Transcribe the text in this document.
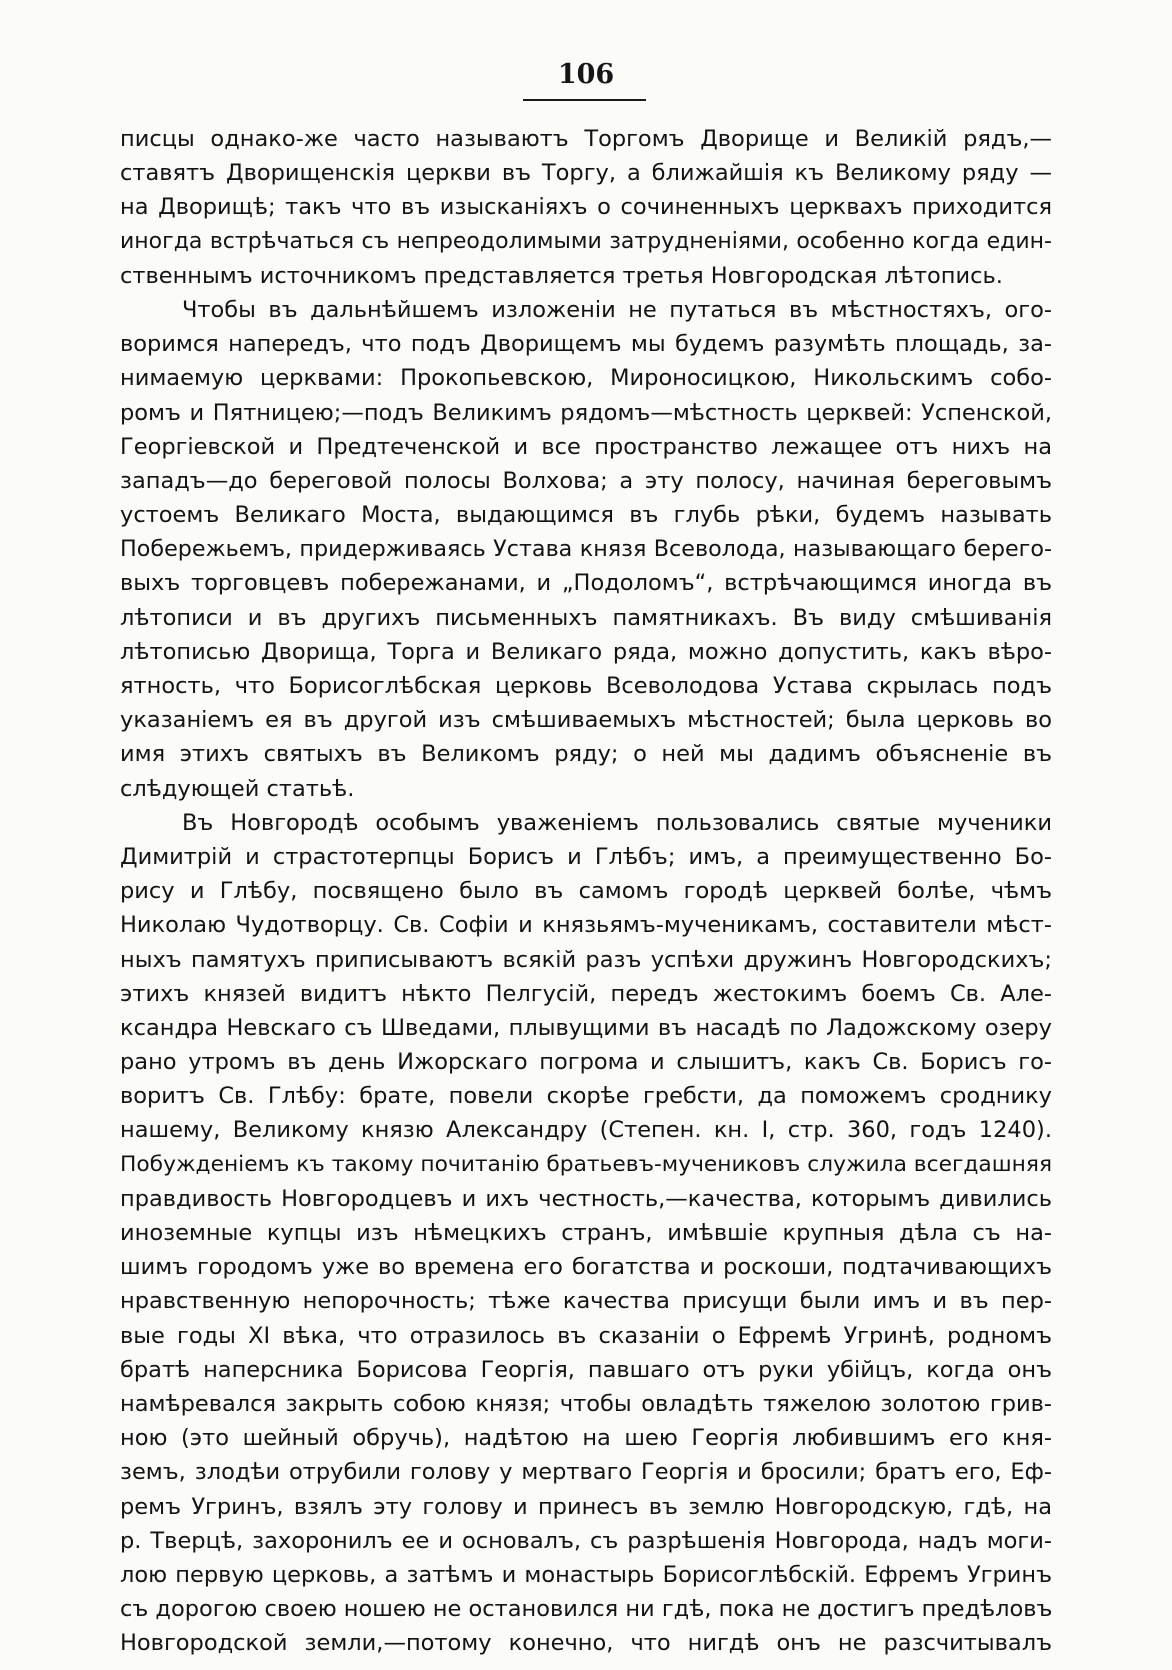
106
писцы однако-же часто называютъ Торгомъ Дворище и Великій рядъ,—
ставятъ Дворищенскія церкви въ Торгу, а ближайшія къ Великому ряду —
на Дворищѣ; такъ что въ изысканіяхъ о сочиненныхъ церквахъ приходится
иногда встрѣчаться съ непреодолимыми затрудненіями, особенно когда един-
ственнымъ источникомъ представляется третья Новгородская лѣтопись.
Чтобы въ дальнѣйшемъ изложеніи не путаться въ мѣстностяхъ, ого-
воримся напередъ, что подъ Дворищемъ мы будемъ разумѣть площадь, за-
нимаемую церквами: Прокопьевскою, Мироносицкою, Никольскимъ собо-
ромъ и Пятницею;—подъ Великимъ рядомъ—мѣстность церквей: Успенской,
Георгіевской и Предтеченской и все пространство лежащее отъ нихъ на
западъ—до береговой полосы Волхова; а эту полосу, начиная береговымъ
устоемъ Великаго Моста, выдающимся въ глубь рѣки, будемъ называть
Побережьемъ, придерживаясь Устава князя Всеволода, называющаго берего-
выхъ торговцевъ побережанами, и „Подоломъ“, встрѣчающимся иногда въ
лѣтописи и въ другихъ письменныхъ памятникахъ. Въ виду смѣшиванія
лѣтописью Дворища, Торга и Великаго ряда, можно допустить, какъ вѣро-
ятность, что Борисоглѣбская церковь Всеволодова Устава скрылась подъ
указаніемъ ея въ другой изъ смѣшиваемыхъ мѣстностей; была церковь во
имя этихъ святыхъ въ Великомъ ряду; о ней мы дадимъ объясненіе въ
слѣдующей статьѣ.
Въ Новгородѣ особымъ уваженіемъ пользовались святые мученики
Димитрій и страстотерпцы Борисъ и Глѣбъ; имъ, а преимущественно Бо-
рису и Глѣбу, посвящено было въ самомъ городѣ церквей болѣе, чѣмъ
Николаю Чудотворцу. Св. Софіи и князьямъ-мученикамъ, составители мѣст-
ныхъ памятухъ приписываютъ всякій разъ успѣхи дружинъ Новгородскихъ;
этихъ князей видитъ нѣкто Пелгусій, передъ жестокимъ боемъ Св. Але-
ксандра Невскаго съ Шведами, плывущими въ насадѣ по Ладожскому озеру
рано утромъ въ день Ижорскаго погрома и слышитъ, какъ Св. Борисъ го-
воритъ Св. Глѣбу: брате, повели скорѣе гребсти, да поможемъ сроднику
нашему, Великому князю Александру (Степен. кн. I, стр. 360, годъ 1240).
Побужденіемъ къ такому почитанію братьевъ-мучениковъ служила всегдашняя
правдивость Новгородцевъ и ихъ честность,—качества, которымъ дивились
иноземные купцы изъ нѣмецкихъ странъ, имѣвшіе крупныя дѣла съ на-
шимъ городомъ уже во времена его богатства и роскоши, подтачивающихъ
нравственную непорочность; тѣже качества присущи были имъ и въ пер-
вые годы XI вѣка, что отразилось въ сказаніи о Ефремѣ Угринѣ, родномъ
братѣ наперсника Борисова Георгія, павшаго отъ руки убійцъ, когда онъ
намѣревался закрыть собою князя; чтобы овладѣть тяжелою золотою грив-
ною (это шейный обручь), надѣтою на шею Георгія любившимъ его кня-
земъ, злодѣи отрубили голову у мертваго Георгія и бросили; братъ его, Еф-
ремъ Угринъ, взялъ эту голову и принесъ въ землю Новгородскую, гдѣ, на
р. Тверцѣ, захоронилъ ее и основалъ, съ разрѣшенія Новгорода, надъ моги-
лою первую церковь, а затѣмъ и монастырь Борисоглѣбскій. Ефремъ Угринъ
съ дорогою своею ношею не остановился ни гдѣ, пока не достигъ предѣловъ
Новгородской земли,—потому конечно, что нигдѣ онъ не разсчитывалъ
